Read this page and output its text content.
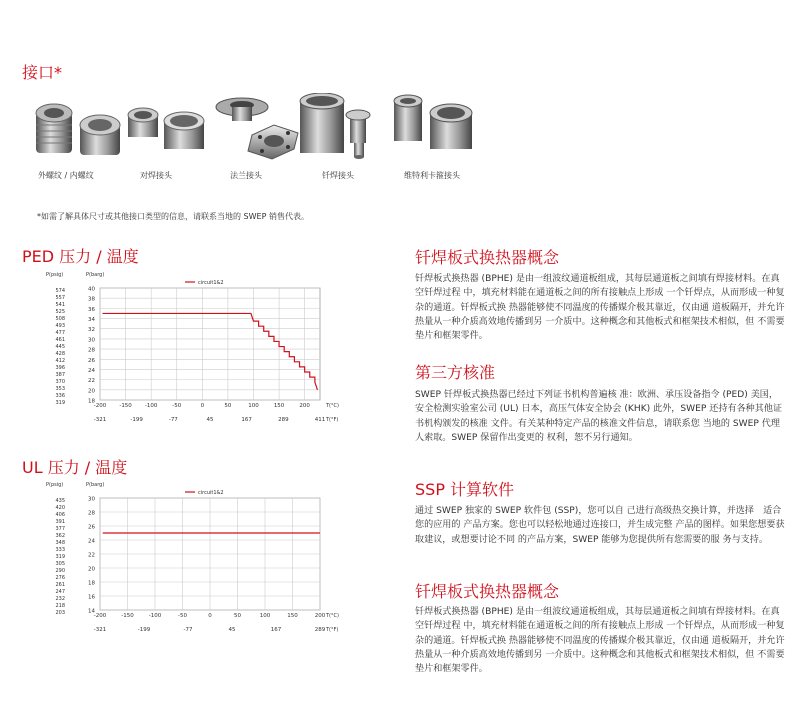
接口*
外螺纹 / 内螺纹	对焊接头	法兰接头	钎焊接头	维特利卡箍接头
*如需了解具体尺寸或其他接口类型的信息，请联系当地的 SWEP 销售代表。
PED 压力 / 温度
40
38
36
34
32
30
28
26
24
22
20
18
-200 -150 -100	-50	0	50	100	150	200
-321	-199	-77	45	167	289	411
574
557
541
525
508
493
477
461
445
428
412
396
387
370
353
336
319
P(psig)	P(barg)
T(°C)
T(°F)
circuit1&2
UL 压力 / 温度
30
28
26
24
22
20
18
16
14
-200	-150	-100	-50	0	50	100	150	200
-321	-199	-77	45	167	289
435
420
406
391
377
362
348
333
319
305
290
276
261
247
232
218
203
P(psig)	P(barg)
T(°C)
T(°F)
circuit1&2
钎焊板式换热器概念
钎焊板式换热器 (BPHE) 是由一组波纹通道板组成，其每层通道板之间填有焊接材料。在真空钎焊过程 中，填充材料能在通道板之间的所有接触点上形成 一个钎焊点，从而形成一种复杂的通道。钎焊板式换 热器能够使不同温度的传播媒介极其靠近，仅由通 道板隔开，并允许热量从一种介质高效地传播到另 一介质中。这种概念和其他板式和框架技术相似，但 不需要垫片和框架零件。
第三方核准
SWEP 钎焊板式换热器已经过下列证书机构普遍核 准：欧洲、承压设备指令 (PED) 美国，安全检测实验室公司 (UL) 日本，高压气体安全协会 (KHK) 此外，SWEP 还持有各种其他证书机构颁发的核准 文件。有关某种特定产品的核准文件信息，请联系您 当地的 SWEP 代理人索取。SWEP 保留作出变更的 权利，恕不另行通知。
SSP 计算软件
通过 SWEP 独家的 SWEP 软件包 (SSP)，您可以自 己进行高级热交换计算，并选择　适合您的应用的 产品方案。您也可以轻松地通过连接口，并生成完整 产品的图样。如果您想要获取建议，或想要讨论不同 的产品方案，SWEP 能够为您提供所有您需要的服 务与支持。
钎焊板式换热器概念
钎焊板式换热器 (BPHE) 是由一组波纹通道板组成，其每层通道板之间填有焊接材料。在真空钎焊过程 中，填充材料能在通道板之间的所有接触点上形成 一个钎焊点，从而形成一种复杂的通道。钎焊板式换 热器能够使不同温度的传播媒介极其靠近，仅由通 道板隔开，并允许热量从一种介质高效地传播到另 一介质中。这种概念和其他板式和框架技术相似，但 不需要垫片和框架零件。
